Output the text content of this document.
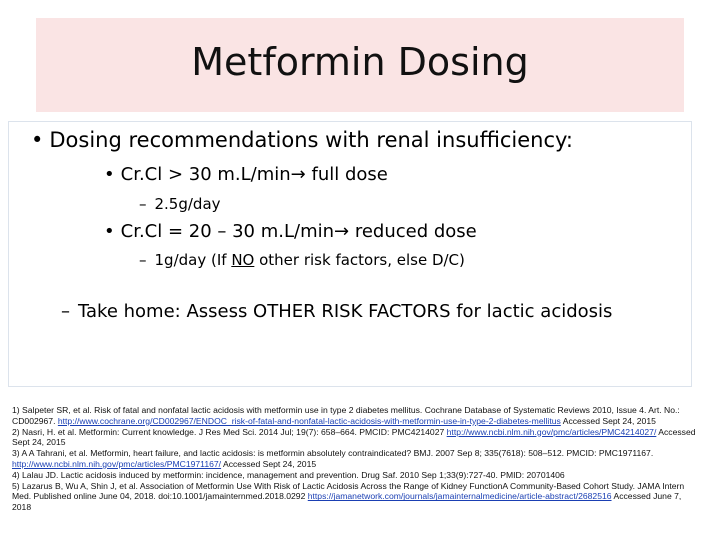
Metformin Dosing
• Dosing recommendations with renal insufficiency:
• Cr.Cl > 30 m.L/min→ full dose
– 2.5g/day
• Cr.Cl = 20 – 30 m.L/min→ reduced dose
– 1g/day (If NO other risk factors, else D/C)
– Take home: Assess OTHER RISK FACTORS for lactic acidosis

1) Salpeter SR, et al. Risk of fatal and nonfatal lactic acidosis with metformin use in type 2 diabetes mellitus. Cochrane Database of Systematic Reviews 2010, Issue 4. Art. No.: CD002967. http://www.cochrane.org/CD002967/ENDOC_risk-of-fatal-and-nonfatal-lactic-acidosis-with-metformin-use-in-type-2-diabetes-mellitus Accessed Sept 24, 2015

2) Nasri, H. et al. Metformin: Current knowledge. J Res Med Sci. 2014 Jul; 19(7): 658–664. PMCID: PMC4214027 http://www.ncbi.nlm.nih.gov/pmc/articles/PMC4214027/ Accessed Sept 24, 2015

3) A A Tahrani, et al. Metformin, heart failure, and lactic acidosis: is metformin absolutely contraindicated? BMJ. 2007 Sep 8; 335(7618): 508–512. PMCID: PMC1971167. http://www.ncbi.nlm.nih.gov/pmc/articles/PMC1971167/ Accessed Sept 24, 2015

4) Lalau JD. Lactic acidosis induced by metformin: incidence, management and prevention. Drug Saf. 2010 Sep 1;33(9):727-40. PMID: 20701406

5) Lazarus B, Wu A, Shin J, et al. Association of Metformin Use With Risk of Lactic Acidosis Across the Range of Kidney FunctionA Community-Based Cohort Study. JAMA Intern Med. Published online June 04, 2018. doi:10.1001/jamainternmed.2018.0292 https://jamanetwork.com/journals/jamainternalmedicine/article-abstract/2682516 Accessed June 7, 2018
